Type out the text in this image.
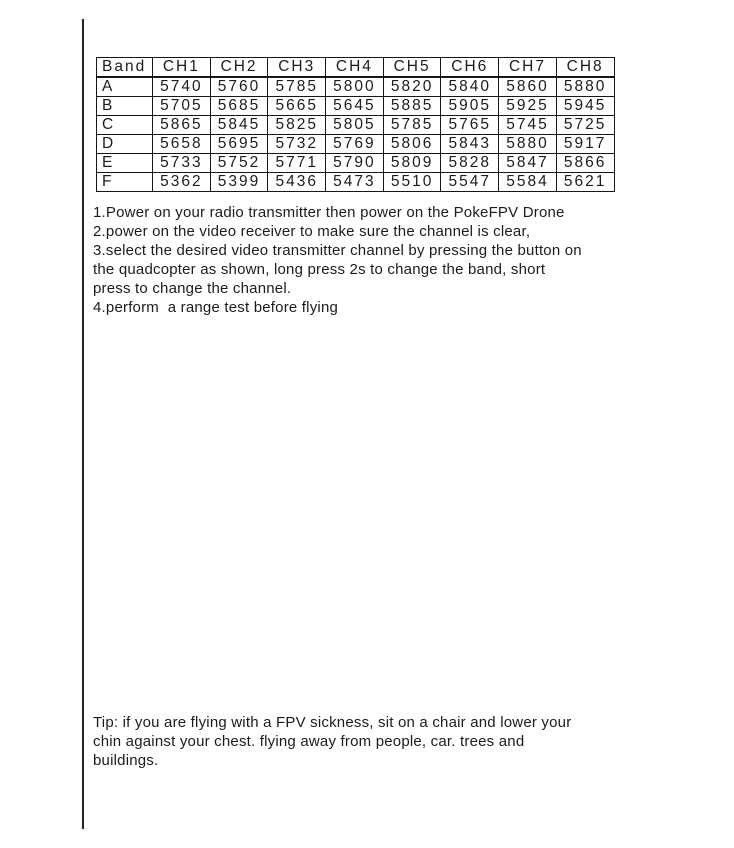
Band	CH1	CH2	CH3	CH4	CH5	CH6	CH7	CH8
A	5740	5760	5785	5800	5820	5840	5860	5880
B	5705	5685	5665	5645	5885	5905	5925	5945
C	5865	5845	5825	5805	5785	5765	5745	5725
D	5658	5695	5732	5769	5806	5843	5880	5917
E	5733	5752	5771	5790	5809	5828	5847	5866
F	5362	5399	5436	5473	5510	5547	5584	5621
1.Power on your radio transmitter then power on the PokeFPV Drone
2.power on the video receiver to make sure the channel is clear,
3.select the desired video transmitter channel by pressing the button on
the quadcopter as shown, long press 2s to change the band, short
press to change the channel.
4.perform  a range test before flying
Tip: if you are flying with a FPV sickness, sit on a chair and lower your
chin against your chest. flying away from people, car. trees and
buildings.
